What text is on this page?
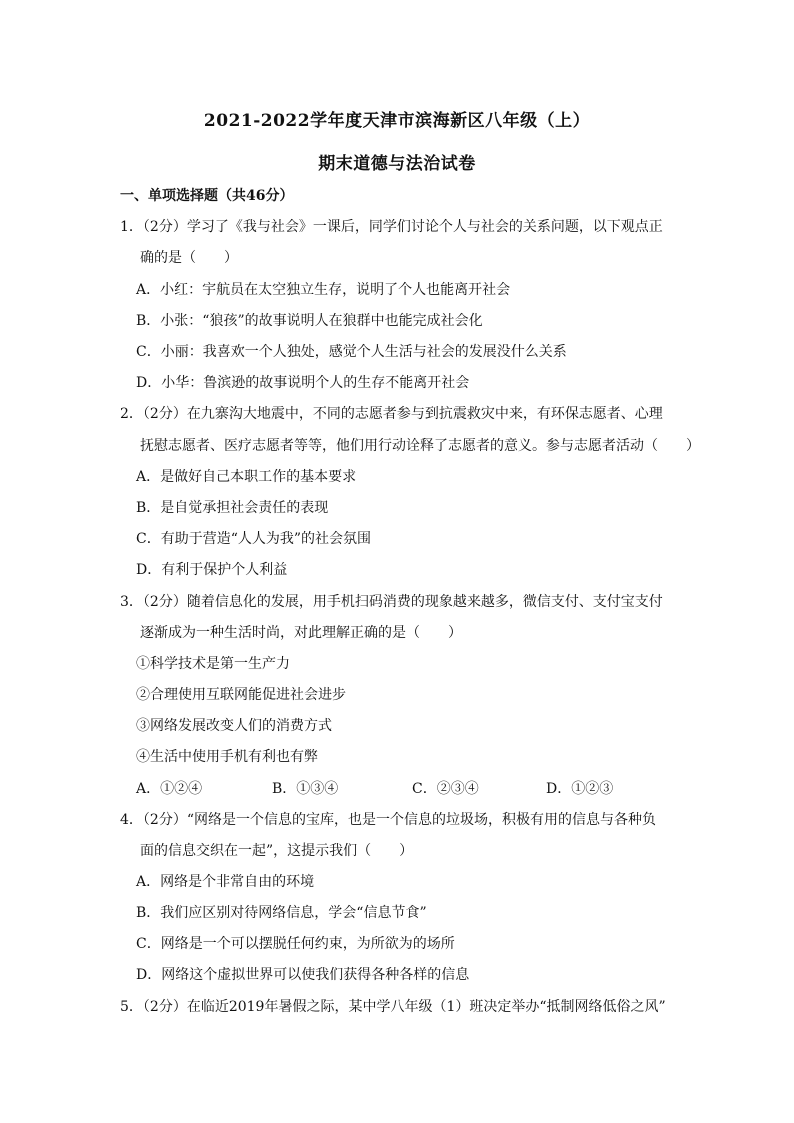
2021-2022学年度天津市滨海新区八年级（上）
期末道德与法治试卷
一、单项选择题（共46分）
1．（2分）学习了《我与社会》一课后，同学们讨论个人与社会的关系问题，以下观点正
确的是（　　）
A．小红：宇航员在太空独立生存，说明了个人也能离开社会
B．小张：“狼孩”的故事说明人在狼群中也能完成社会化
C．小丽：我喜欢一个人独处，感觉个人生活与社会的发展没什么关系
D．小华：鲁滨逊的故事说明个人的生存不能离开社会
2．（2分）在九寨沟大地震中，不同的志愿者参与到抗震救灾中来，有环保志愿者、心理
抚慰志愿者、医疗志愿者等等，他们用行动诠释了志愿者的意义。参与志愿者活动（　　）
A．是做好自己本职工作的基本要求
B．是自觉承担社会责任的表现
C．有助于营造“人人为我”的社会氛围
D．有利于保护个人利益
3．（2分）随着信息化的发展，用手机扫码消费的现象越来越多，微信支付、支付宝支付
逐渐成为一种生活时尚，对此理解正确的是（　　）
①科学技术是第一生产力
②合理使用互联网能促进社会进步
③网络发展改变人们的消费方式
④生活中使用手机有利也有弊
A．①②④	B．①③④	C．②③④	D．①②③
4．（2分）“网络是一个信息的宝库，也是一个信息的垃圾场，积极有用的信息与各种负
面的信息交织在一起”，这提示我们（　　）
A．网络是个非常自由的环境
B．我们应区别对待网络信息，学会“信息节食”
C．网络是一个可以摆脱任何约束，为所欲为的场所
D．网络这个虚拟世界可以使我们获得各种各样的信息
5．（2分）在临近2019年暑假之际，某中学八年级（1）班决定举办“抵制网络低俗之风”
